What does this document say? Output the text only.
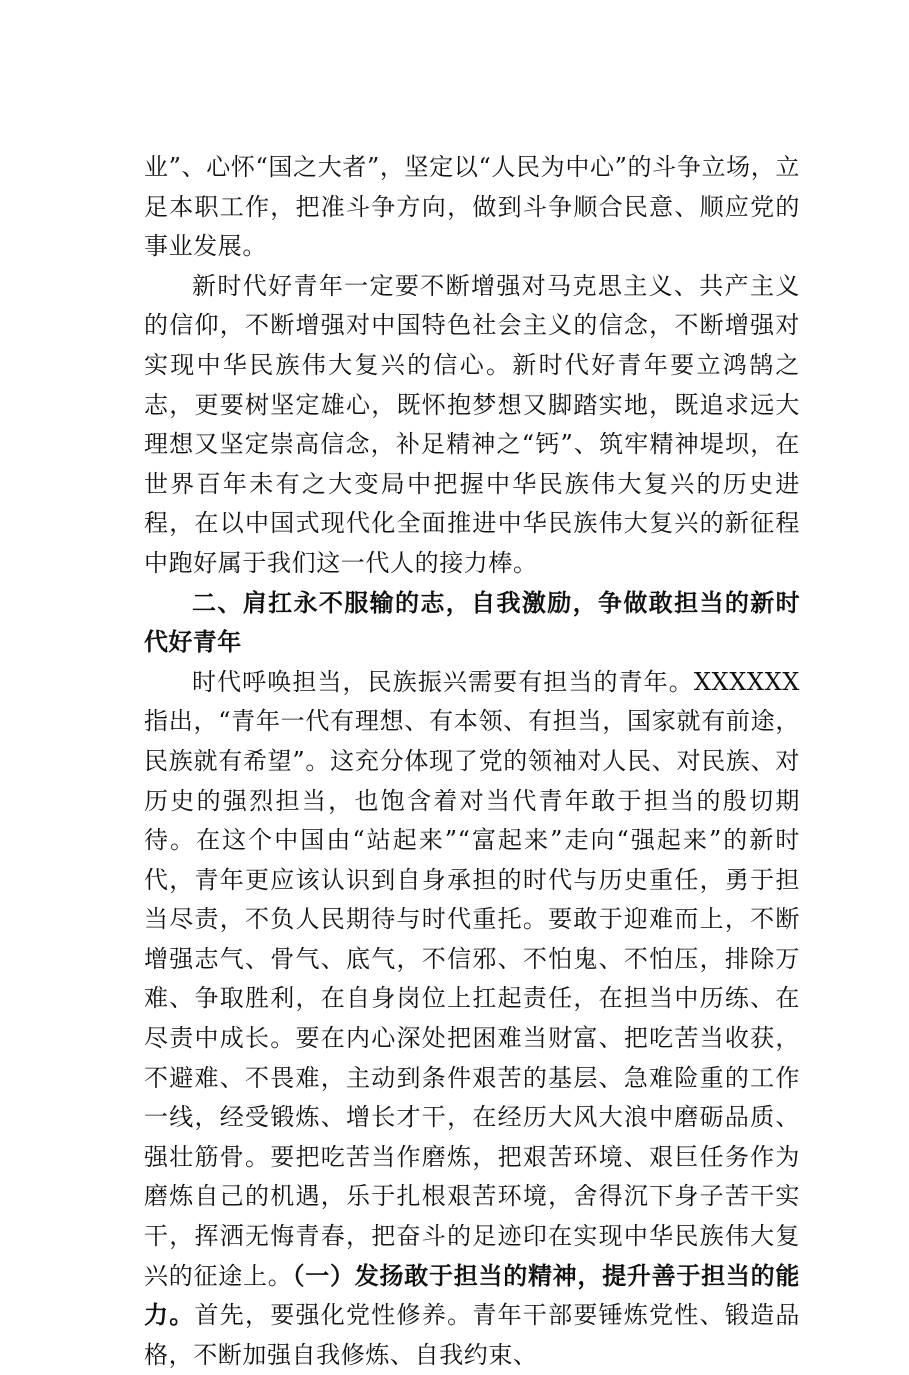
业”、心怀“国之大者”，坚定以“人民为中心”的斗争立场，立足本职工作，把准斗争方向，做到斗争顺合民意、顺应党的事业发展。

新时代好青年一定要不断增强对马克思主义、共产主义的信仰，不断增强对中国特色社会主义的信念，不断增强对实现中华民族伟大复兴的信心。新时代好青年要立鸿鹄之志，更要树坚定雄心，既怀抱梦想又脚踏实地，既追求远大理想又坚定崇高信念，补足精神之“钙”、筑牢精神堤坝，在世界百年未有之大变局中把握中华民族伟大复兴的历史进程，在以中国式现代化全面推进中华民族伟大复兴的新征程中跑好属于我们这一代人的接力棒。

二、肩扛永不服输的志，自我激励，争做敢担当的新时代好青年

时代呼唤担当，民族振兴需要有担当的青年。XXXXXX指出，“青年一代有理想、有本领、有担当，国家就有前途，民族就有希望”。这充分体现了党的领袖对人民、对民族、对历史的强烈担当，也饱含着对当代青年敢于担当的殷切期待。在这个中国由“站起来”“富起来”走向“强起来”的新时代，青年更应该认识到自身承担的时代与历史重任，勇于担当尽责，不负人民期待与时代重托。要敢于迎难而上，不断增强志气、骨气、底气，不信邪、不怕鬼、不怕压，排除万难、争取胜利，在自身岗位上扛起责任，在担当中历练、在尽责中成长。要在内心深处把困难当财富、把吃苦当收获，不避难、不畏难，主动到条件艰苦的基层、急难险重的工作一线，经受锻炼、增长才干，在经历大风大浪中磨砺品质、强壮筋骨。要把吃苦当作磨炼，把艰苦环境、艰巨任务作为磨炼自己的机遇，乐于扎根艰苦环境，舍得沉下身子苦干实干，挥洒无悔青春，把奋斗的足迹印在实现中华民族伟大复兴的征途上。（一）发扬敢于担当的精神，提升善于担当的能力。首先，要强化党性修养。青年干部要锤炼党性、锻造品格，不断加强自我修炼、自我约束、
